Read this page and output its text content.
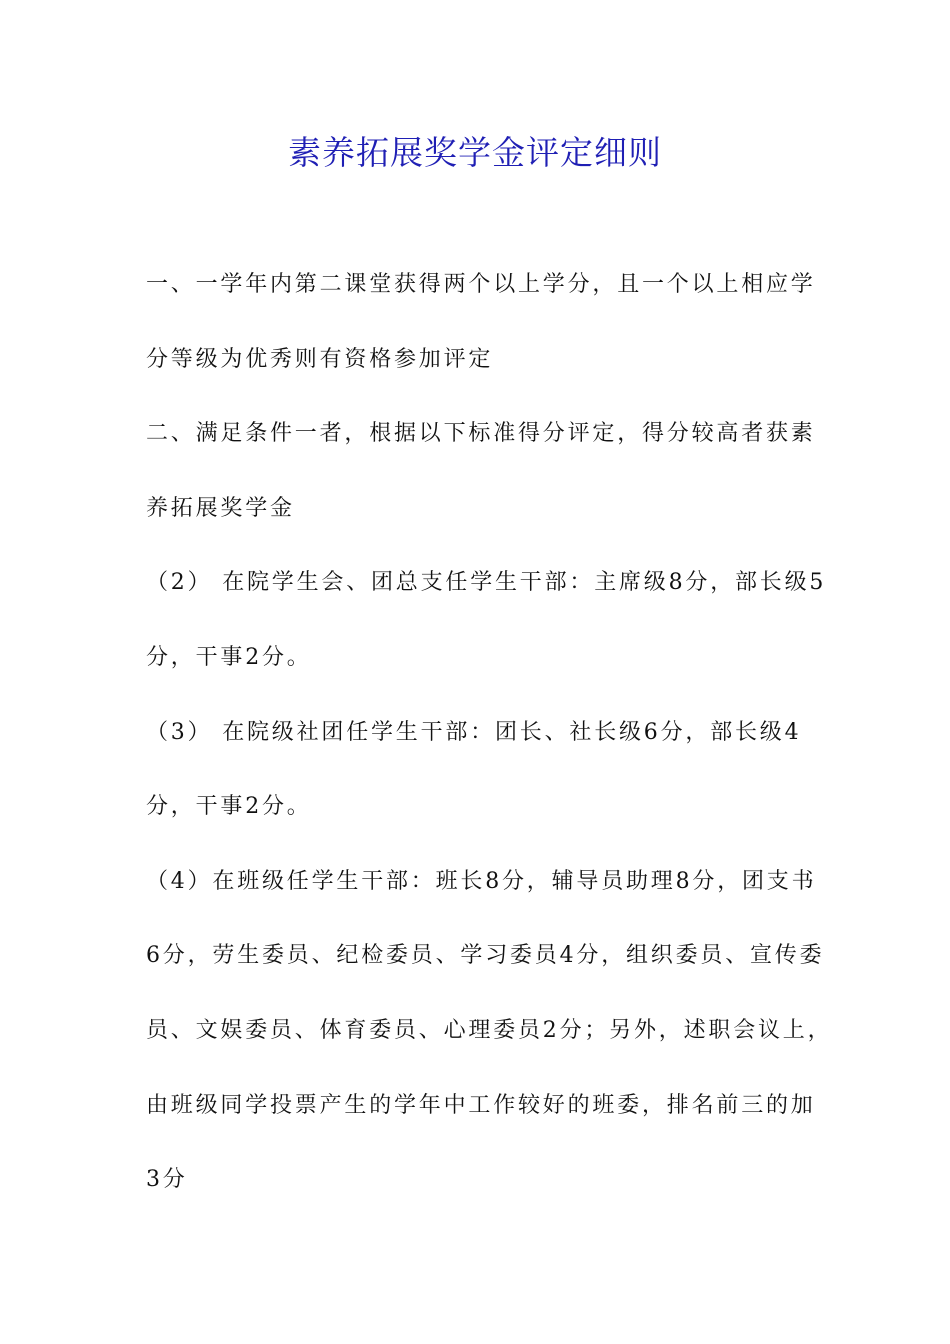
素养拓展奖学金评定细则
一、一学年内第二课堂获得两个以上学分，且一个以上相应学
分等级为优秀则有资格参加评定
二、满足条件一者，根据以下标准得分评定，得分较高者获素
养拓展奖学金
（2） 在院学生会、团总支任学生干部：主席级8分，部长级5
分，干事2分。
（3） 在院级社团任学生干部：团长、社长级6分，部长级4
分，干事2分。
（4）在班级任学生干部：班长8分，辅导员助理8分，团支书
6分，劳生委员、纪检委员、学习委员4分，组织委员、宣传委
员、文娱委员、体育委员、心理委员2分；另外，述职会议上，
由班级同学投票产生的学年中工作较好的班委，排名前三的加
3分
